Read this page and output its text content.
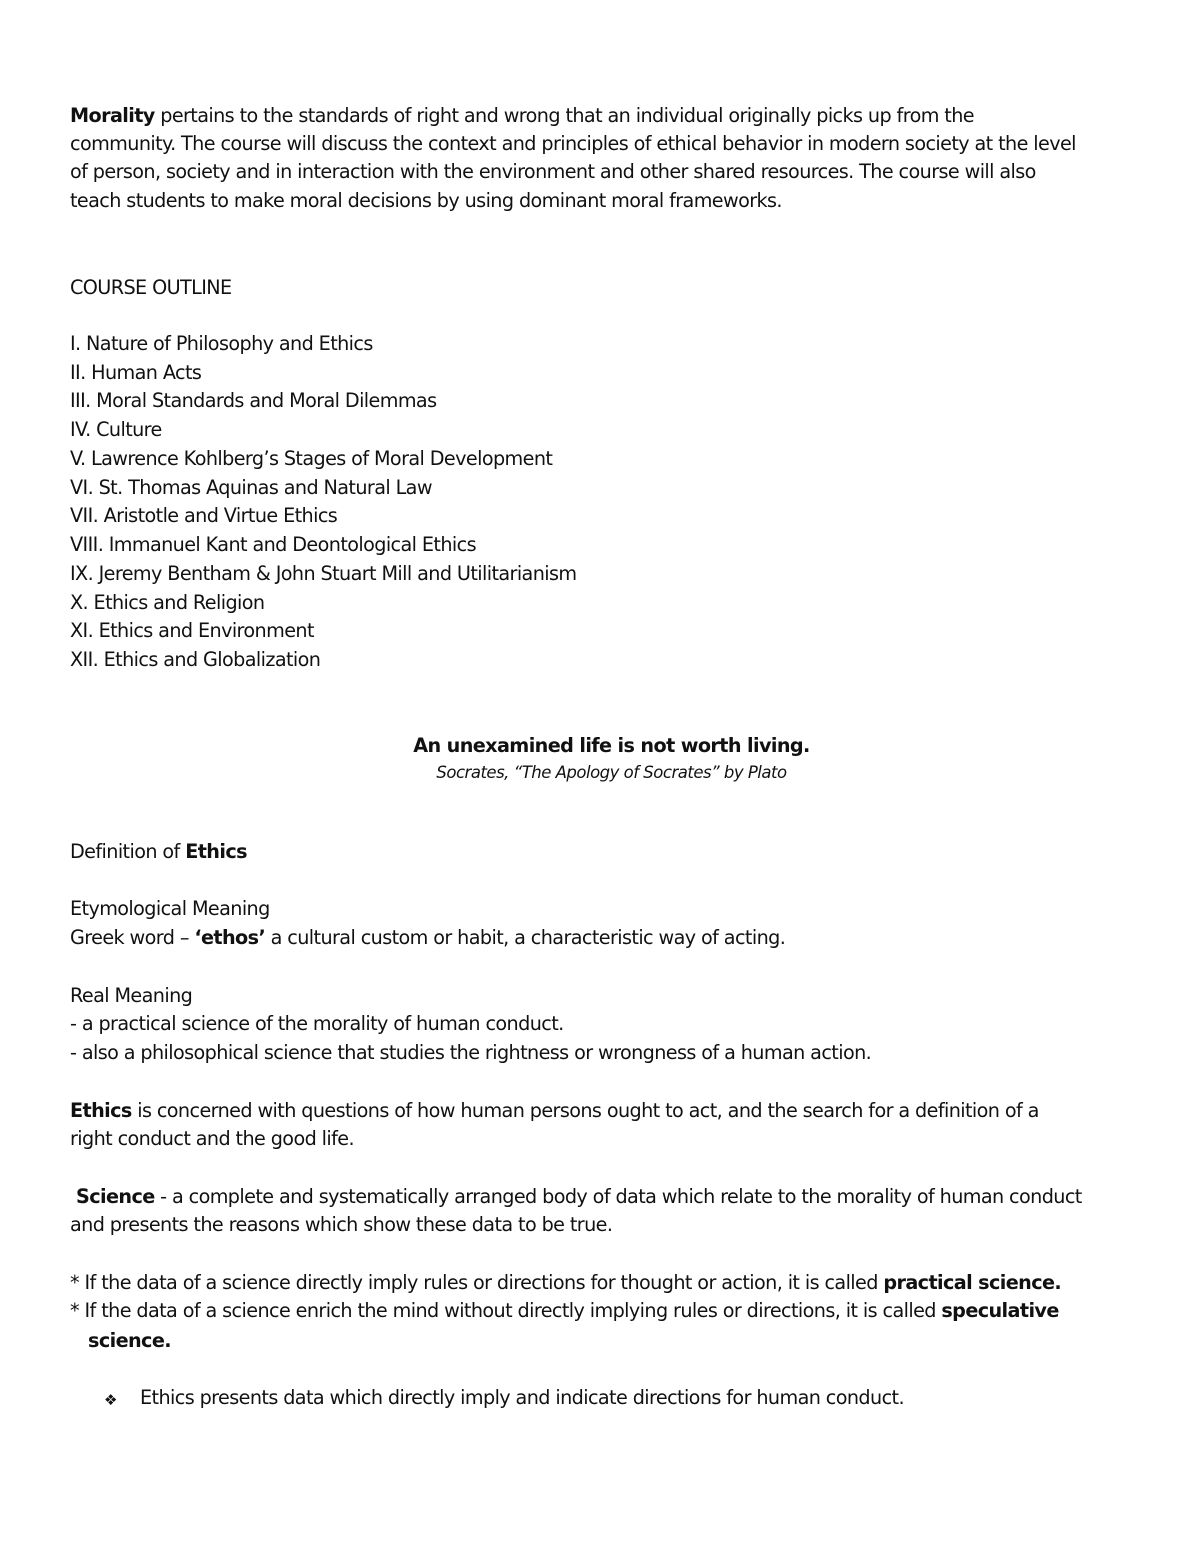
Morality pertains to the standards of right and wrong that an individual originally picks up from the
community. The course will discuss the context and principles of ethical behavior in modern society at the level
of person, society and in interaction with the environment and other shared resources. The course will also
teach students to make moral decisions by using dominant moral frameworks.
COURSE OUTLINE
I. Nature of Philosophy and Ethics
II. Human Acts
III. Moral Standards and Moral Dilemmas
IV. Culture
V. Lawrence Kohlberg’s Stages of Moral Development
VI. St. Thomas Aquinas and Natural Law
VII. Aristotle and Virtue Ethics
VIII. Immanuel Kant and Deontological Ethics
IX. Jeremy Bentham & John Stuart Mill and Utilitarianism
X. Ethics and Religion
XI. Ethics and Environment
XII. Ethics and Globalization
An unexamined life is not worth living.
Socrates, “The Apology of Socrates” by Plato
Definition of Ethics
Etymological Meaning
Greek word – ‘ethos’ a cultural custom or habit, a characteristic way of acting.
Real Meaning
- a practical science of the morality of human conduct.
- also a philosophical science that studies the rightness or wrongness of a human action.
Ethics is concerned with questions of how human persons ought to act, and the search for a definition of a
right conduct and the good life.
Science - a complete and systematically arranged body of data which relate to the morality of human conduct
and presents the reasons which show these data to be true.
* If the data of a science directly imply rules or directions for thought or action, it is called practical science.
* If the data of a science enrich the mind without directly implying rules or directions, it is called speculative
science.
❖ Ethics presents data which directly imply and indicate directions for human conduct.
